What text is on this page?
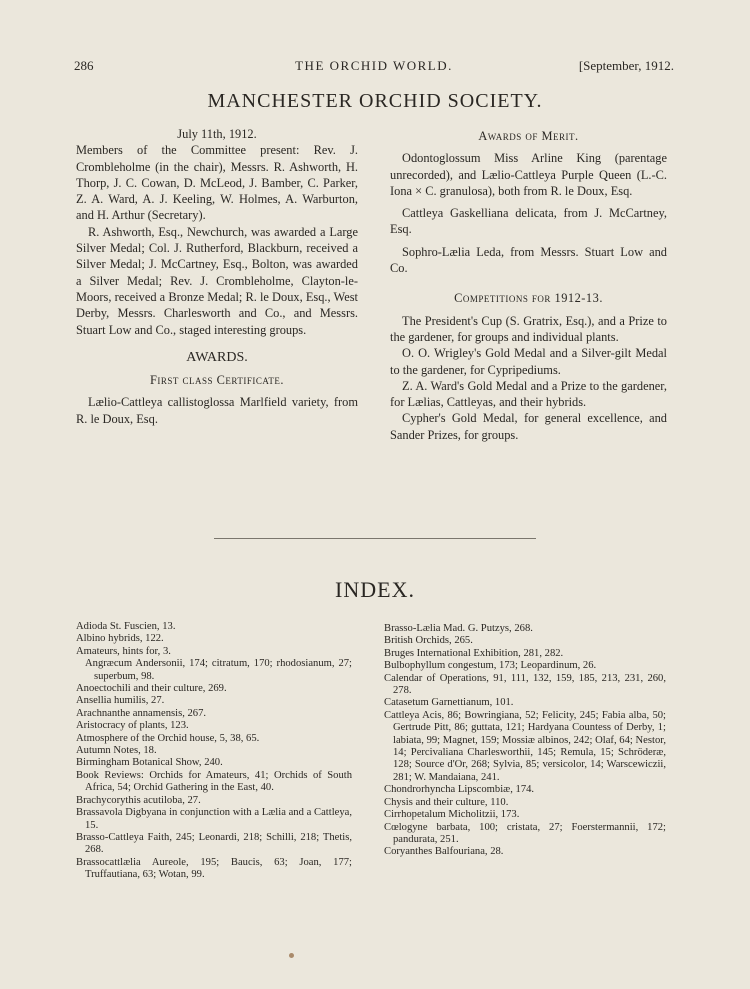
286	THE ORCHID WORLD.	[September, 1912.
MANCHESTER ORCHID SOCIETY.

July 11th, 1912.

Members of the Committee present: Rev. J. Crombleholme (in the chair), Messrs. R. Ashworth, H. Thorp, J. C. Cowan, D. McLeod, J. Bamber, C. Parker, Z. A. Ward, A. J. Keeling, W. Holmes, A. Warburton, and H. Arthur (Secretary).

R. Ashworth, Esq., Newchurch, was awarded a Large Silver Medal; Col. J. Rutherford, Blackburn, received a Silver Medal; J. McCartney, Esq., Bolton, was awarded a Silver Medal; Rev. J. Crombleholme, Clayton-le-Moors, received a Bronze Medal; R. le Doux, Esq., West Derby, Messrs. Charlesworth and Co., and Messrs. Stuart Low and Co., staged interesting groups.

AWARDS.

First class Certificate.

Lælio-Cattleya callistoglossa Marlfield variety, from R. le Doux, Esq.

Awards of Merit.

Odontoglossum Miss Arline King (parentage unrecorded), and Lælio-Cattleya Purple Queen (L.-C. Iona × C. granulosa), both from R. le Doux, Esq.

Cattleya Gaskelliana delicata, from J. McCartney, Esq.

Sophro-Lælia Leda, from Messrs. Stuart Low and Co.

Competitions for 1912-13.

The President's Cup (S. Gratrix, Esq.), and a Prize to the gardener, for groups and individual plants.

O. O. Wrigley's Gold Medal and a Silver-gilt Medal to the gardener, for Cypripediums.

Z. A. Ward's Gold Medal and a Prize to the gardener, for Lælias, Cattleyas, and their hybrids.

Cypher's Gold Medal, for general excellence, and Sander Prizes, for groups.

INDEX.
Adioda St. Fuscien, 13.
Albino hybrids, 122.
Amateurs, hints for, 3.
Angræcum Andersonii, 174; citratum, 170; rhodosianum, 27; superbum, 98.
Anoectochili and their culture, 269.
Ansellia humilis, 27.
Arachnanthe annamensis, 267.
Aristocracy of plants, 123.
Atmosphere of the Orchid house, 5, 38, 65.
Autumn Notes, 18.
Birmingham Botanical Show, 240.
Book Reviews: Orchids for Amateurs, 41; Orchids of South Africa, 54; Orchid Gathering in the East, 40.
Brachycorythis acutiloba, 27.
Brassavola Digbyana in conjunction with a Lælia and a Cattleya, 15.
Brasso-Cattleya Faith, 245; Leonardi, 218; Schilli, 218; Thetis, 268.
Brassocattlælia Aureole, 195; Baucis, 63; Joan, 177; Truffautiana, 63; Wotan, 99.
Brasso-Lælia Mad. G. Putzys, 268.
British Orchids, 265.
Bruges International Exhibition, 281, 282.
Bulbophyllum congestum, 173; Leopardinum, 26.
Calendar of Operations, 91, 111, 132, 159, 185, 213, 231, 260, 278.
Catasetum Garnettianum, 101.
Cattleya Acis, 86; Bowringiana, 52; Felicity, 245; Fabia alba, 50; Gertrude Pitt, 86; guttata, 121; Hardyana Countess of Derby, 1; labiata, 99; Magnet, 159; Mossiæ albinos, 242; Olaf, 64; Nestor, 14; Percivaliana Charlesworthii, 145; Remula, 15; Schröderæ, 128; Source d'Or, 268; Sylvia, 85; versicolor, 14; Warscewiczii, 281; W. Mandaiana, 241.
Chondrorhyncha Lipscombiæ, 174.
Chysis and their culture, 110.
Cirrhopetalum Micholitzii, 173.
Cœlogyne barbata, 100; cristata, 27; Foerstermannii, 172; pandurata, 251.
Coryanthes Balfouriana, 28.
